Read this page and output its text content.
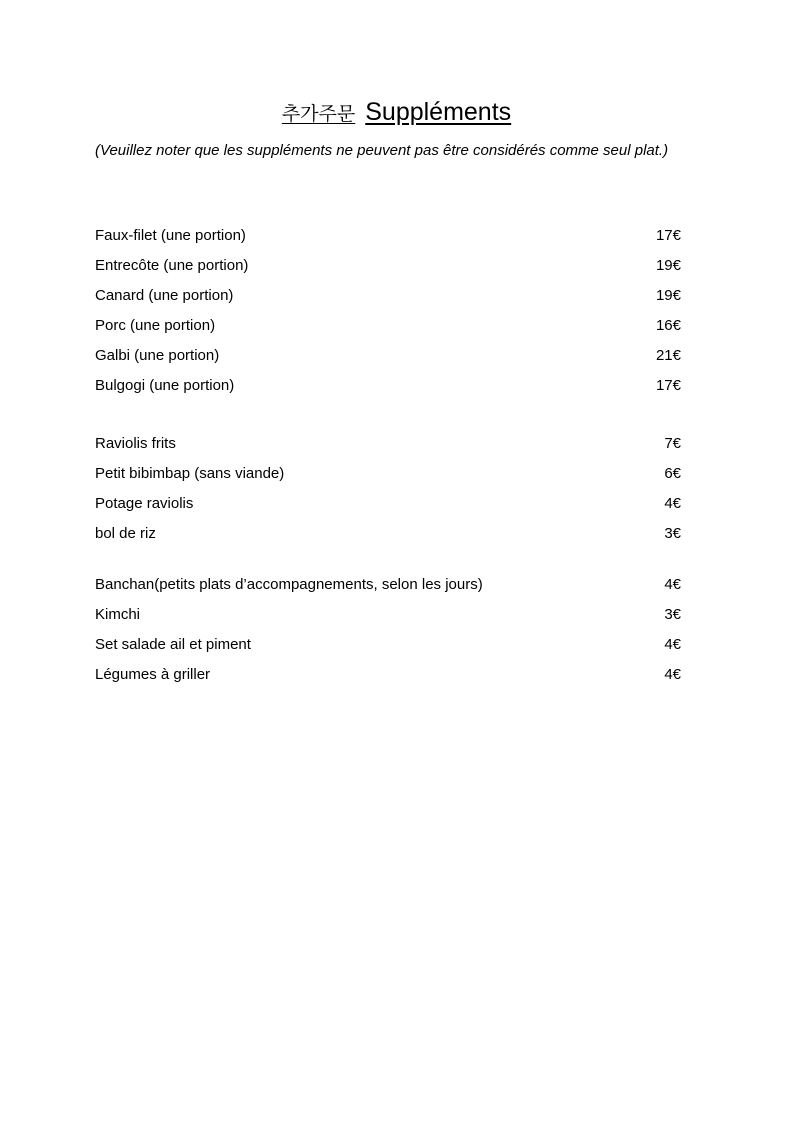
추가주문 Suppléments
(Veuillez noter que les suppléments ne peuvent pas être considérés comme seul plat.)
Faux-filet (une portion)	17€
Entrecôte (une portion)	19€
Canard (une portion)	19€
Porc (une portion)	16€
Galbi (une portion)	21€
Bulgogi (une portion)	17€
Raviolis frits	7€
Petit bibimbap (sans viande)	6€
Potage raviolis	4€
bol de riz	3€
Banchan(petits plats d’accompagnements, selon les jours)	4€
Kimchi	3€
Set salade ail et piment	4€
Légumes à griller	4€
